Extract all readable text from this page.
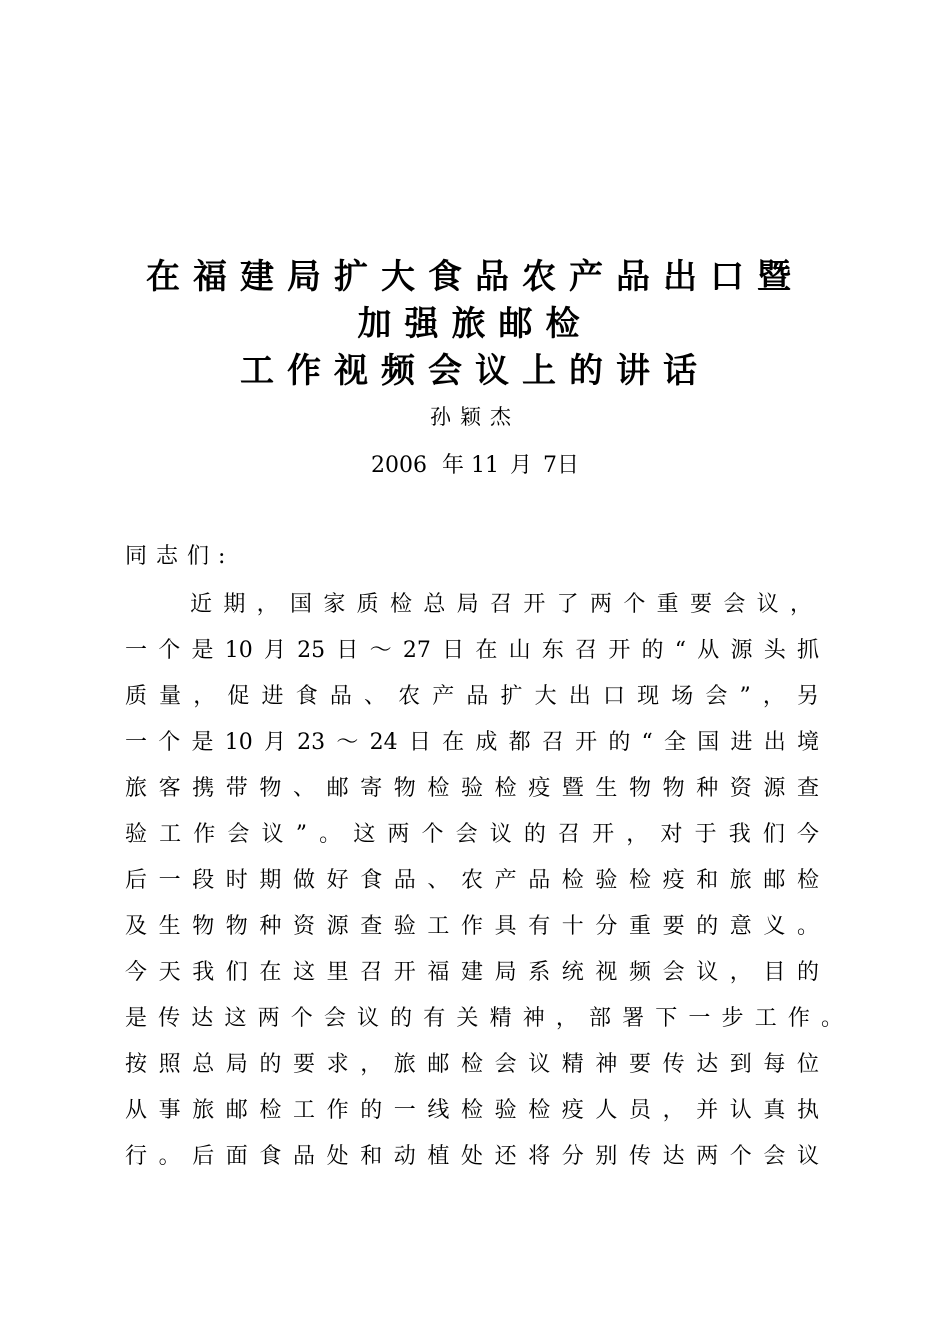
在福建局扩大食品农产品出口暨
加强旅邮检
工作视频会议上的讲话
孙颖杰
2006 年 11 月 7日
同志们:
近期，国家质检总局召开了两个重要会议，
一个是10月25日～27日在山东召开的“从源头抓
质量，促进食品、农产品扩大出口现场会”，另
一个是10月23～24日在成都召开的“全国进出境
旅客携带物、邮寄物检验检疫暨生物物种资源查
验工作会议”。这两个会议的召开，对于我们今
后一段时期做好食品、农产品检验检疫和旅邮检
及生物物种资源查验工作具有十分重要的意义。
今天我们在这里召开福建局系统视频会议，目的
是传达这两个会议的有关精神，部署下一步工作。
按照总局的要求，旅邮检会议精神要传达到每位
从事旅邮检工作的一线检验检疫人员，并认真执
行。后面食品处和动植处还将分别传达两个会议
